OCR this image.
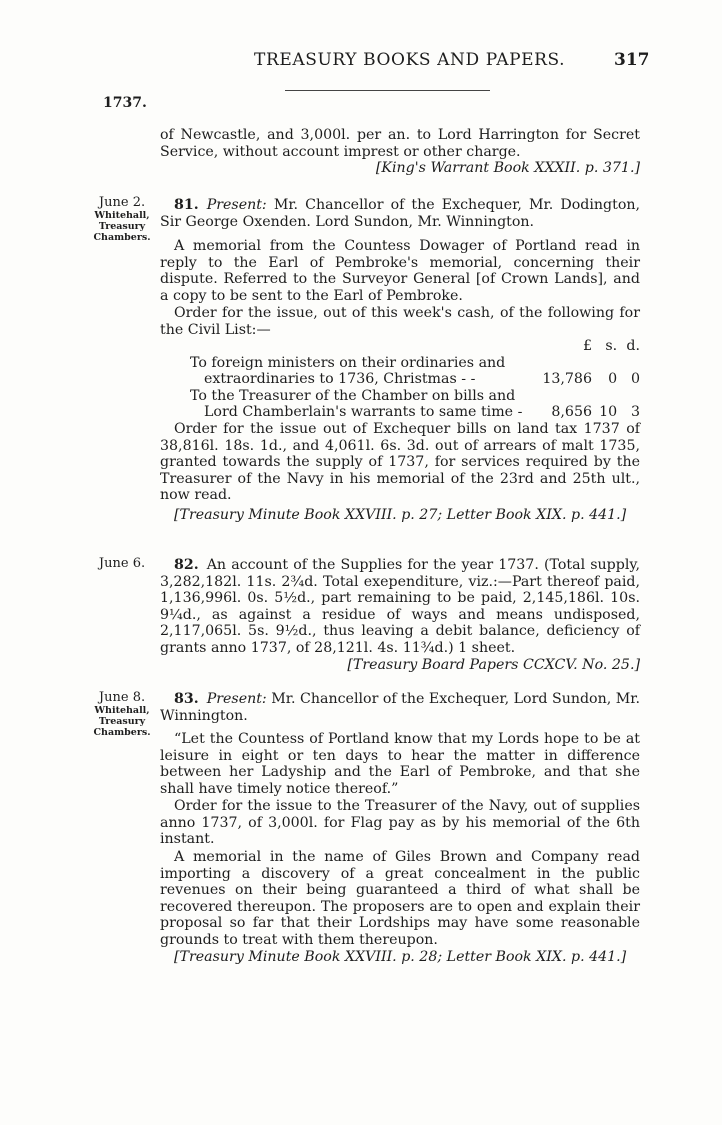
TREASURY BOOKS AND PAPERS.	317
1737.
of Newcastle, and 3,000l. per an. to Lord Harrington for Secret Service, without account imprest or other charge.
[King's Warrant Book XXXII. p. 371.]
June 2.
Whitehall,
Treasury
Chambers.
81. Present: Mr. Chancellor of the Exchequer, Mr. Dodington, Sir George Oxenden. Lord Sundon, Mr. Winnington.
A memorial from the Countess Dowager of Portland read in reply to the Earl of Pembroke's memorial, concerning their dispute. Referred to the Surveyor General [of Crown Lands], and a copy to be sent to the Earl of Pembroke.
Order for the issue, out of this week's cash, of the following for the Civil List:—
	£	s.	d.
To foreign ministers on their ordinaries and			
extraordinaries to 1736, Christmas - -	13,786	0	0
To the Treasurer of the Chamber on bills and			
Lord Chamberlain's warrants to same time -	8,656	10	3
Order for the issue out of Exchequer bills on land tax 1737 of 38,816l. 18s. 1d., and 4,061l. 6s. 3d. out of arrears of malt 1735, granted towards the supply of 1737, for services required by the Treasurer of the Navy in his memorial of the 23rd and 25th ult., now read.
[Treasury Minute Book XXVIII. p. 27; Letter Book XIX. p. 441.]
June 6.	82. An account of the Supplies for the year 1737. (Total supply, 3,282,182l. 11s. 2¾d. Total exependiture, viz.:—Part thereof paid, 1,136,996l. 0s. 5½d., part remaining to be paid, 2,145,186l. 10s. 9¼d., as against a residue of ways and means undisposed, 2,117,065l. 5s. 9½d., thus leaving a debit balance, deficiency of grants anno 1737, of 28,121l. 4s. 11¾d.) 1 sheet.
[Treasury Board Papers CCXCV. No. 25.]
June 8.
Whitehall,
Treasury
Chambers.
83. Present: Mr. Chancellor of the Exchequer, Lord Sundon, Mr. Winnington.
“Let the Countess of Portland know that my Lords hope to be at leisure in eight or ten days to hear the matter in difference between her Ladyship and the Earl of Pembroke, and that she shall have timely notice thereof.”
Order for the issue to the Treasurer of the Navy, out of supplies anno 1737, of 3,000l. for Flag pay as by his memorial of the 6th instant.
A memorial in the name of Giles Brown and Company read importing a discovery of a great concealment in the public revenues on their being guaranteed a third of what shall be recovered thereupon. The proposers are to open and explain their proposal so far that their Lordships may have some reasonable grounds to treat with them thereupon.
[Treasury Minute Book XXVIII. p. 28; Letter Book XIX. p. 441.]
